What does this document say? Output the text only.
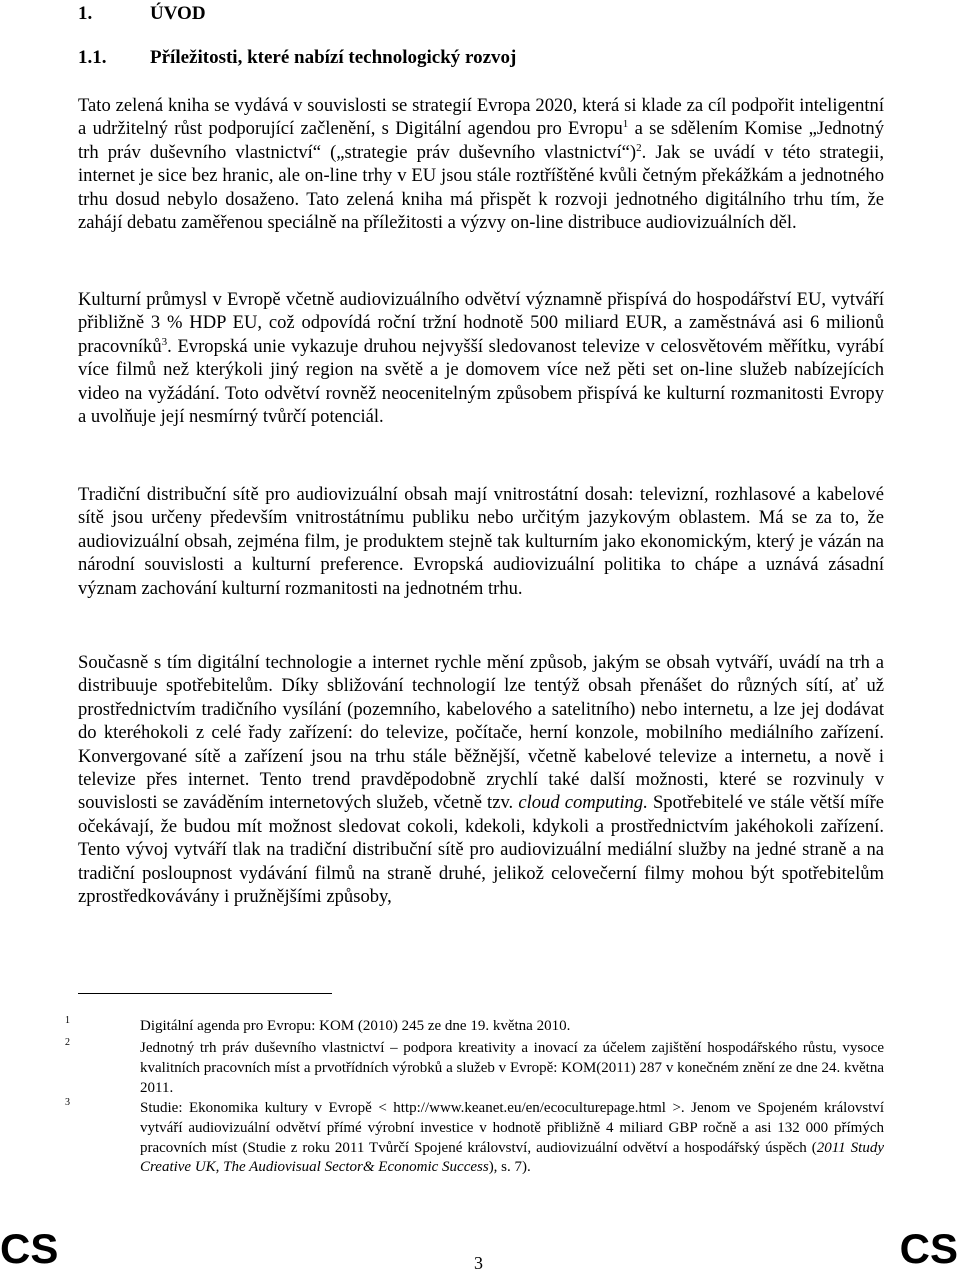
1.	ÚVOD
1.1. Příležitosti, které nabízí technologický rozvoj

Tato zelená kniha se vydává v souvislosti se strategií Evropa 2020, která si klade za cíl podpořit inteligentní a udržitelný růst podporující začlenění, s Digitální agendou pro Evropu$^1$ a se sdělením Komise „Jednotný trh práv duševního vlastnictví“ („strategie práv duševního vlastnictví“)$^2$. Jak se uvádí v této strategii, internet je sice bez hranic, ale on-line trhy v EU jsou stále roztříštěné kvůli četným překážkám a jednotného trhu dosud nebylo dosaženo. Tato zelená kniha má přispět k rozvoji jednotného digitálního trhu tím, že zahájí debatu zaměřenou speciálně na příležitosti a výzvy on-line distribuce audiovizuálních děl.

Kulturní průmysl v Evropě včetně audiovizuálního odvětví významně přispívá do hospodářství EU, vytváří přibližně 3 % HDP EU, což odpovídá roční tržní hodnotě 500 miliard EUR, a zaměstnává asi 6 milionů pracovníků$^3$. Evropská unie vykazuje druhou nejvyšší sledovanost televize v celosvětovém měřítku, vyrábí více filmů než kterýkoli jiný region na světě a je domovem více než pěti set on-line služeb nabízejících video na vyžádání. Toto odvětví rovněž neocenitelným způsobem přispívá ke kulturní rozmanitosti Evropy a uvolňuje její nesmírný tvůrčí potenciál.

Tradiční distribuční sítě pro audiovizuální obsah mají vnitrostátní dosah: televizní, rozhlasové a kabelové sítě jsou určeny především vnitrostátnímu publiku nebo určitým jazykovým oblastem. Má se za to, že audiovizuální obsah, zejména film, je produktem stejně tak kulturním jako ekonomickým, který je vázán na národní souvislosti a kulturní preference. Evropská audiovizuální politika to chápe a uznává zásadní význam zachování kulturní rozmanitosti na jednotném trhu.

Současně s tím digitální technologie a internet rychle mění způsob, jakým se obsah vytváří, uvádí na trh a distribuuje spotřebitelům. Díky sbližování technologií lze tentýž obsah přenášet do různých sítí, ať už prostřednictvím tradičního vysílání (pozemního, kabelového a satelitního) nebo internetu, a lze jej dodávat do kteréhokoli z celé řady zařízení: do televize, počítače, herní konzole, mobilního mediálního zařízení. Konvergované sítě a zařízení jsou na trhu stále běžnější, včetně kabelové televize a internetu, a nově i televize přes internet. Tento trend pravděpodobně zrychlí také další možnosti, které se rozvinuly v souvislosti se zaváděním internetových služeb, včetně tzv. cloud computing. Spotřebitelé ve stále větší míře očekávají, že budou mít možnost sledovat cokoli, kdekoli, kdykoli a prostřednictvím jakéhokoli zařízení. Tento vývoj vytváří tlak na tradiční distribuční sítě pro audiovizuální mediální služby na jedné straně a na tradiční posloupnost vydávání filmů na straně druhé, jelikož celovečerní filmy mohou být spotřebitelům zprostředkovávány i pružnějšími způsoby,

1	Digitální agenda pro Evropu: KOM (2010) 245 ze dne 19. května 2010.
2	Jednotný trh práv duševního vlastnictví – podpora kreativity a inovací za účelem zajištění hospodářského růstu, vysoce kvalitních pracovních míst a prvotřídních výrobků a služeb v Evropě: KOM(2011) 287 v konečném znění ze dne 24. května 2011.
3	Studie: Ekonomika kultury v Evropě < http://www.keanet.eu/en/ecoculturepage.html >. Jenom ve Spojeném království vytváří audiovizuální odvětví přímé výrobní investice v hodnotě přibližně 4 miliard GBP ročně a asi 132 000 přímých pracovních míst (Studie z roku 2011 Tvůrčí Spojené království, audiovizuální odvětví a hospodářský úspěch (2011 Study Creative UK, The Audiovisual Sector& Economic Success), s. 7).
CS	3	CS
